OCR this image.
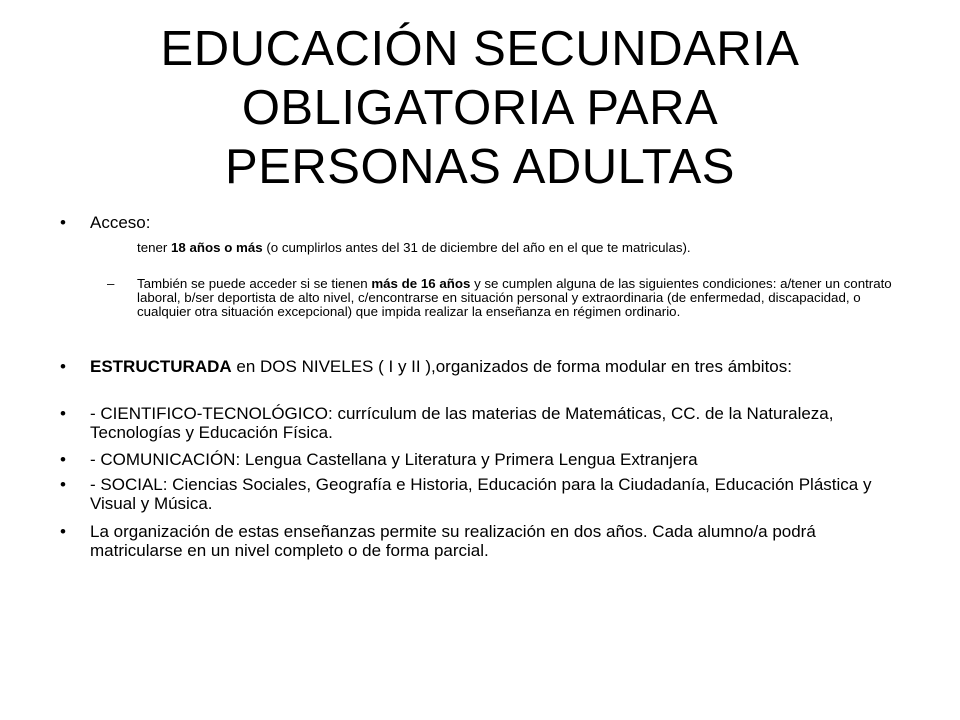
EDUCACIÓN SECUNDARIA
OBLIGATORIA PARA
PERSONAS ADULTAS
• Acceso:
tener 18 años o más (o cumplirlos antes del 31 de diciembre del año en el que te matriculas).
– También se puede acceder si se tienen más de 16 años y se cumplen alguna de las siguientes condiciones: a/tener un contrato laboral, b/ser deportista de alto nivel, c/encontrarse en situación personal y extraordinaria (de enfermedad, discapacidad, o cualquier otra situación excepcional) que impida realizar la enseñanza en régimen ordinario.
• ESTRUCTURADA en DOS NIVELES ( I y II ),organizados de forma modular en tres ámbitos:
• - CIENTIFICO-TECNOLÓGICO: currículum de las materias de Matemáticas, CC. de la Naturaleza, Tecnologías y Educación Física.
• - COMUNICACIÓN: Lengua Castellana y Literatura y Primera Lengua Extranjera
• - SOCIAL: Ciencias Sociales, Geografía e Historia, Educación para la Ciudadanía, Educación Plástica y Visual y Música.
• La organización de estas enseñanzas permite su realización en dos años. Cada alumno/a podrá matricularse en un nivel completo o de forma parcial.
